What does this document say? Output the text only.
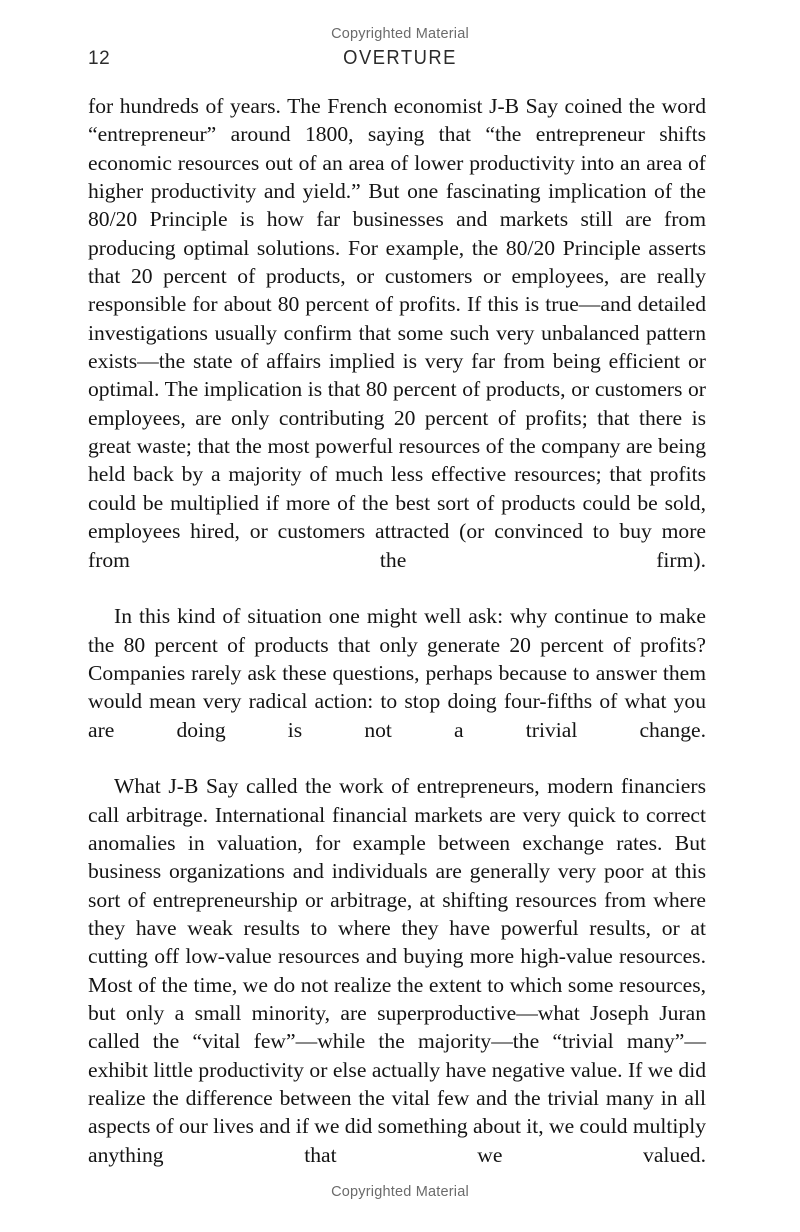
Copyrighted Material
12	OVERTURE

for hundreds of years. The French economist J-B Say coined the word “entrepreneur” around 1800, saying that “the entrepreneur shifts economic resources out of an area of lower productivity into an area of higher productivity and yield.” But one fascinating implication of the 80/20 Principle is how far businesses and markets still are from producing optimal solutions. For example, the 80/20 Principle asserts that 20 percent of products, or customers or employees, are really responsible for about 80 percent of profits. If this is true—and detailed investigations usually confirm that some such very unbalanced pattern exists—the state of affairs implied is very far from being efficient or optimal. The implication is that 80 percent of products, or customers or employees, are only contributing 20 percent of profits; that there is great waste; that the most powerful resources of the company are being held back by a majority of much less effective resources; that profits could be multiplied if more of the best sort of products could be sold, employees hired, or customers attracted (or convinced to buy more from the firm).

In this kind of situation one might well ask: why continue to make the 80 percent of products that only generate 20 percent of profits? Companies rarely ask these questions, perhaps because to answer them would mean very radical action: to stop doing four-fifths of what you are doing is not a trivial change.

What J-B Say called the work of entrepreneurs, modern financiers call arbitrage. International financial markets are very quick to correct anomalies in valuation, for example between exchange rates. But business organizations and individuals are generally very poor at this sort of entrepreneurship or arbitrage, at shifting resources from where they have weak results to where they have powerful results, or at cutting off low-value resources and buying more high-value resources. Most of the time, we do not realize the extent to which some resources, but only a small minority, are superproductive—what Joseph Juran called the “vital few”—while the majority—the “trivial many”—exhibit little productivity or else actually have negative value. If we did realize the difference between the vital few and the trivial many in all aspects of our lives and if we did something about it, we could multiply anything that we valued.

Copyrighted Material
